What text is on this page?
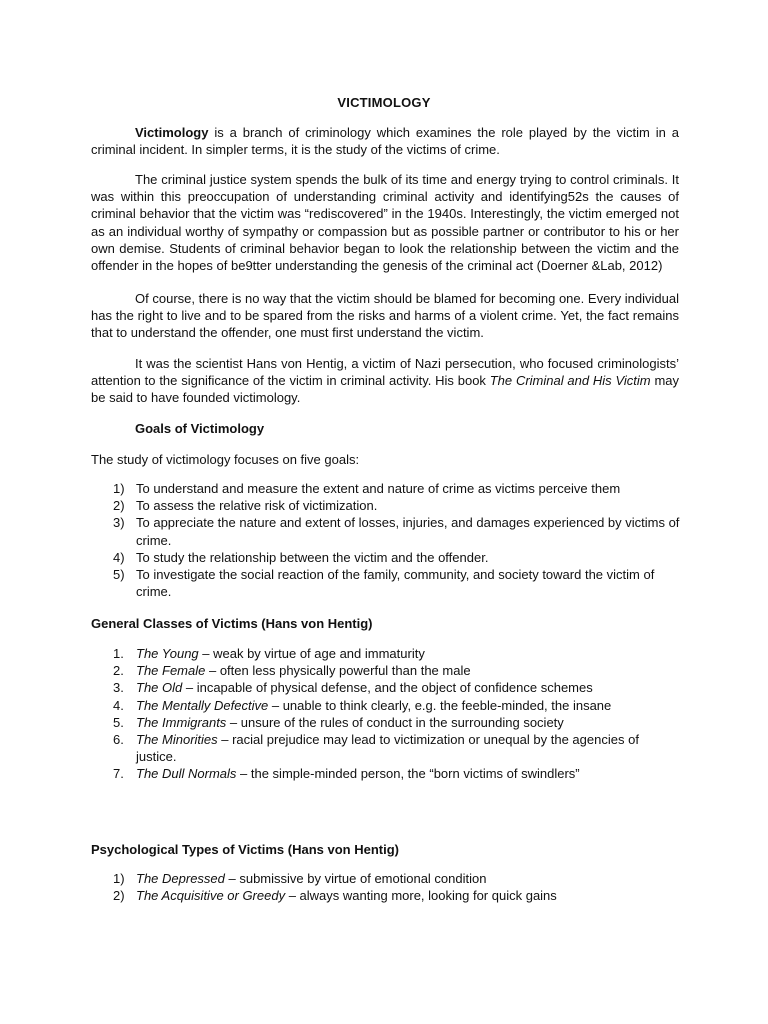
VICTIMOLOGY

Victimology is a branch of criminology which examines the role played by the victim in a criminal incident. In simpler terms, it is the study of the victims of crime.

The criminal justice system spends the bulk of its time and energy trying to control criminals. It was within this preoccupation of understanding criminal activity and identifying52s the causes of criminal behavior that the victim was “rediscovered” in the 1940s. Interestingly, the victim emerged not as an individual worthy of sympathy or compassion but as possible partner or contributor to his or her own demise. Students of criminal behavior began to look the relationship between the victim and the offender in the hopes of be9tter understanding the genesis of the criminal act (Doerner &Lab, 2012)

Of course, there is no way that the victim should be blamed for becoming one. Every individual has the right to live and to be spared from the risks and harms of a violent crime. Yet, the fact remains that to understand the offender, one must first understand the victim.

It was the scientist Hans von Hentig, a victim of Nazi persecution, who focused criminologists’ attention to the significance of the victim in criminal activity. His book The Criminal and His Victim may be said to have founded victimology.

Goals of Victimology
The study of victimology focuses on five goals:
1) To understand and measure the extent and nature of crime as victims perceive them
2) To assess the relative risk of victimization.
3) To appreciate the nature and extent of losses, injuries, and damages experienced by victims of crime.
4) To study the relationship between the victim and the offender.
5) To investigate the social reaction of the family, community, and society toward the victim of crime.
General Classes of Victims (Hans von Hentig)
1. The Young – weak by virtue of age and immaturity
2. The Female – often less physically powerful than the male
3. The Old – incapable of physical defense, and the object of confidence schemes
4. The Mentally Defective – unable to think clearly, e.g. the feeble-minded, the insane
5. The Immigrants – unsure of the rules of conduct in the surrounding society
6. The Minorities – racial prejudice may lead to victimization or unequal by the agencies of justice.
7. The Dull Normals – the simple-minded person, the “born victims of swindlers”
Psychological Types of Victims (Hans von Hentig)
1) The Depressed – submissive by virtue of emotional condition
2) The Acquisitive or Greedy – always wanting more, looking for quick gains
